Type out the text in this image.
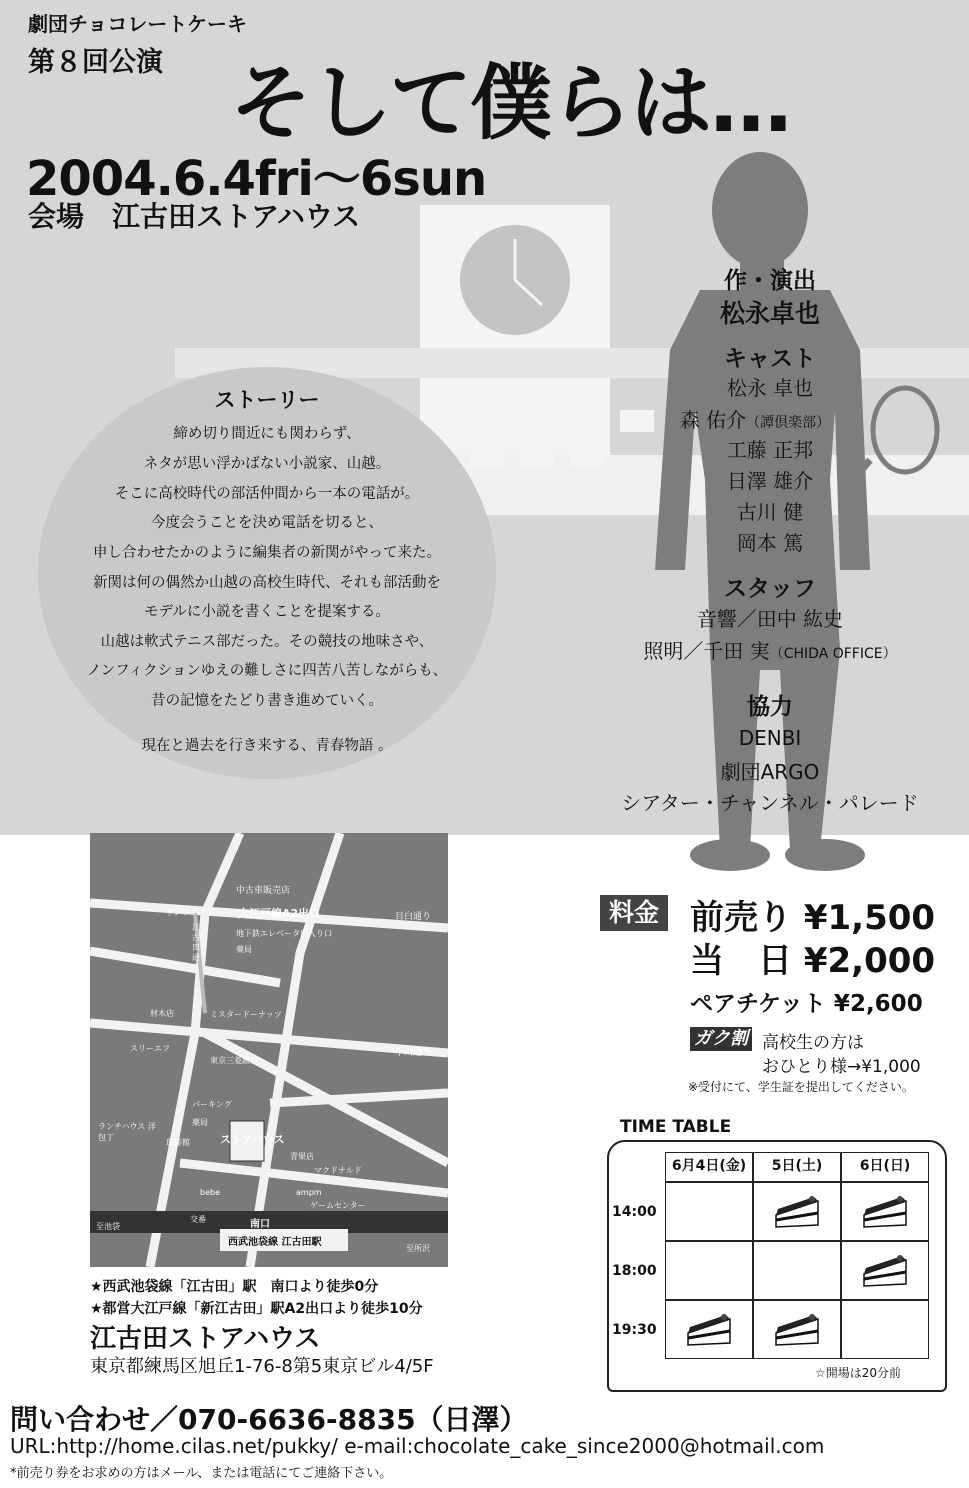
劇団チョコレートケーキ
第８回公演 そして僕らは…
2004.6.4fri〜6sun
会場　江古田ストアハウス
作・演出
松永卓也
キャスト
松永 卓也
森 佑介（譚倶楽部）
工藤 正邦
日澤 雄介
古川 健
岡本 篤
スタッフ
音響／田中 紘史
照明／千田 実（CHIDA OFFICE）
協力
DENBI
劇団ARGO
シアター・チャンネル・パレード
ストーリー
締め切り間近にも関わらず、
ネタが思い浮かばない小説家、山越。
そこに高校時代の部活仲間から一本の電話が。
今度会うことを決め電話を切ると、
申し合わせたかのように編集者の新関がやって来た。
新関は何の偶然か山越の高校生時代、それも部活動を
モデルに小説を書くことを提案する。
山越は軟式テニス部だった。その競技の地味さや、
ノンフィクションゆえの難しさに四苦八苦しながらも、
昔の記憶をたどり書き進めていく。
現在と過去を行き来する、青春物語 。
中古車販売店
サンクス	大江戸線A2出口	目白通り
地下鉄エレベータ出入り口
薬局
江古田通り
材木店	ミスタードーナッツ
スリーエフ
東京三菱銀行
千川通り
パーキング
薬局
ランチハウス 洋包丁
珈琲館	ストアハウス
青果店
マクドナルド
bebe	ampm
ゲームセンター
交番
至池袋	南口
西武池袋線 江古田駅
至所沢
★西武池袋線「江古田」駅　南口より徒歩0分
★都営大江戸線「新江古田」駅A2出口より徒歩10分
江古田ストアハウス
東京都練馬区旭丘1-76-8第5東京ビル4/5F
料金 前売り ¥1,500
当　日 ¥2,000
ペアチケット ¥2,600
ガク割 高校生の方は
おひとり様→¥1,000
※受付にて、学生証を提出してください。
TIME TABLE
6月4日(金)	5日(土)	6日(日)
14:00
18:00
19:30
☆開場は20分前
問い合わせ／070-6636-8835（日澤）
URL:http://home.cilas.net/pukky/ e-mail:chocolate_cake_since2000@hotmail.com
*前売り券をお求めの方はメール、または電話にてご連絡下さい。
